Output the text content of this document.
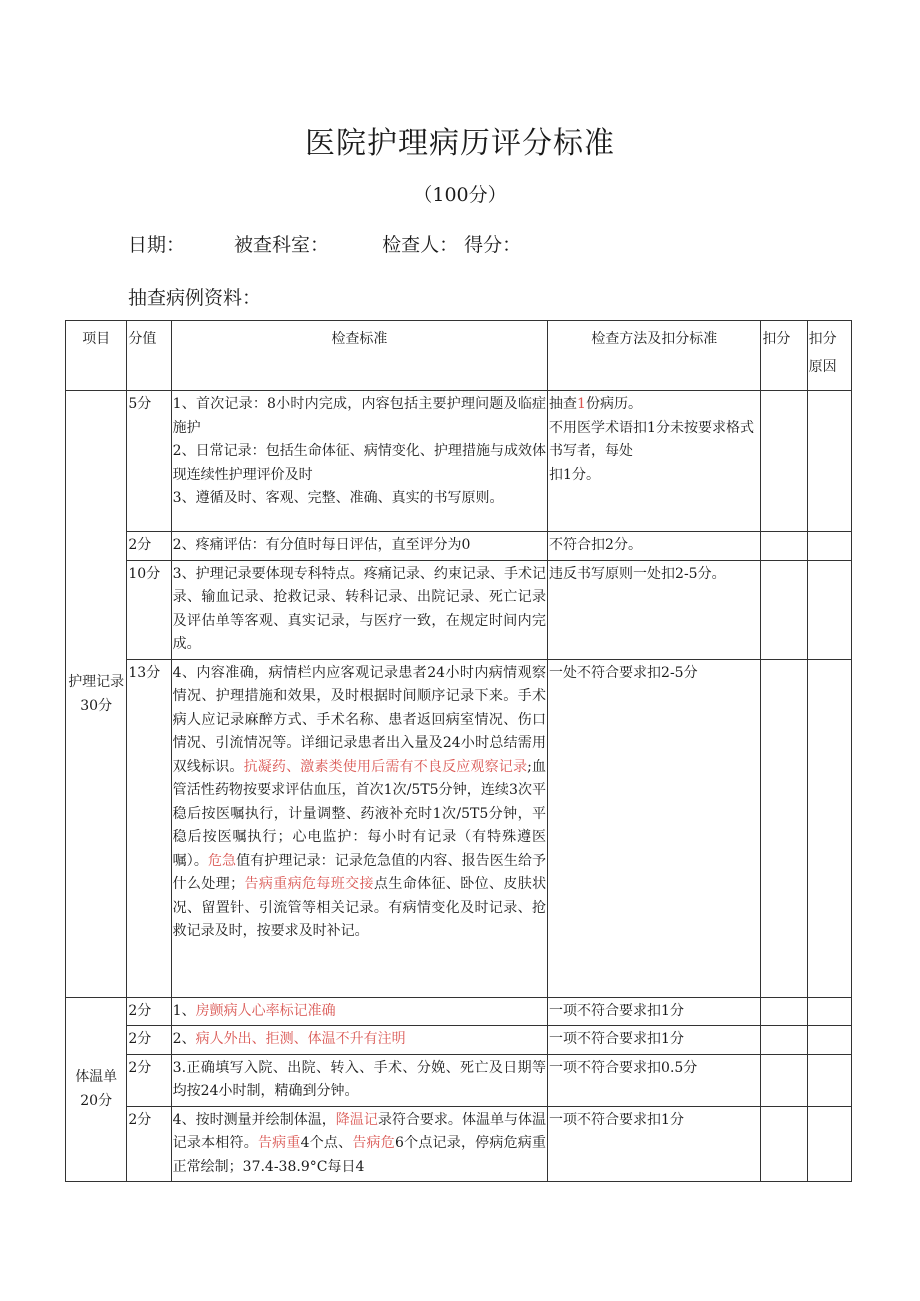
医院护理病历评分标准
（100分）
日期：	被查科室：	检查人： 得分：
抽查病例资料：
项目	分值	检查标准	检查方法及扣分标准	扣分	扣分原因

护理记录30分	5分	1、首次记录：8小时内完成，内容包括主要护理问题及临症施护
2、日常记录：包括生命体征、病情变化、护理措施与成效体现连续性护理评价及时
3、遵循及时、客观、完整、准确、真实的书写原则。	抽查1份病历。
不用医学术语扣1分未按要求格式书写者，每处
扣1分。		
	2分	2、疼痛评估：有分值时每日评估，直至评分为0	不符合扣2分。		
	10分	3、护理记录要体现专科特点。疼痛记录、约束记录、手术记录、输血记录、抢救记录、转科记录、出院记录、死亡记录及评估单等客观、真实记录，与医疗一致，在规定时间内完成。	违反书写原则一处扣2-5分。		
	13分	4、内容准确，病情栏内应客观记录患者24小时内病情观察情况、护理措施和效果，及时根据时间顺序记录下来。手术病人应记录麻醉方式、手术名称、患者返回病室情况、伤口情况、引流情况等。详细记录患者出入量及24小时总结需用双线标识。抗凝药、激素类使用后需有不良反应观察记录;血管活性药物按要求评估血压，首次1次/5T5分钟，连续3次平稳后按医嘱执行，计量调整、药液补充时1次/5T5分钟，平稳后按医嘱执行；心电监护：每小时有记录（有特殊遵医嘱）。危急值有护理记录：记录危急值的内容、报告医生给予什么处理；告病重病危每班交接点生命体征、卧位、皮肤状况、留置针、引流管等相关记录。有病情变化及时记录、抢救记录及时，按要求及时补记。	一处不符合要求扣2-5分		
体温单20分	2分	1、房颤病人心率标记准确	一项不符合要求扣1分		
	2分	2、病人外出、拒测、体温不升有注明	一项不符合要求扣1分		
	2分	3.正确填写入院、出院、转入、手术、分娩、死亡及日期等均按24小时制，精确到分钟。	一项不符合要求扣0.5分		
	2分	4、按时测量并绘制体温，降温记录符合要求。体温单与体温记录本相符。告病重4个点、告病危6个点记录，停病危病重正常绘制；37.4-38.9°C每日4	一项不符合要求扣1分		
